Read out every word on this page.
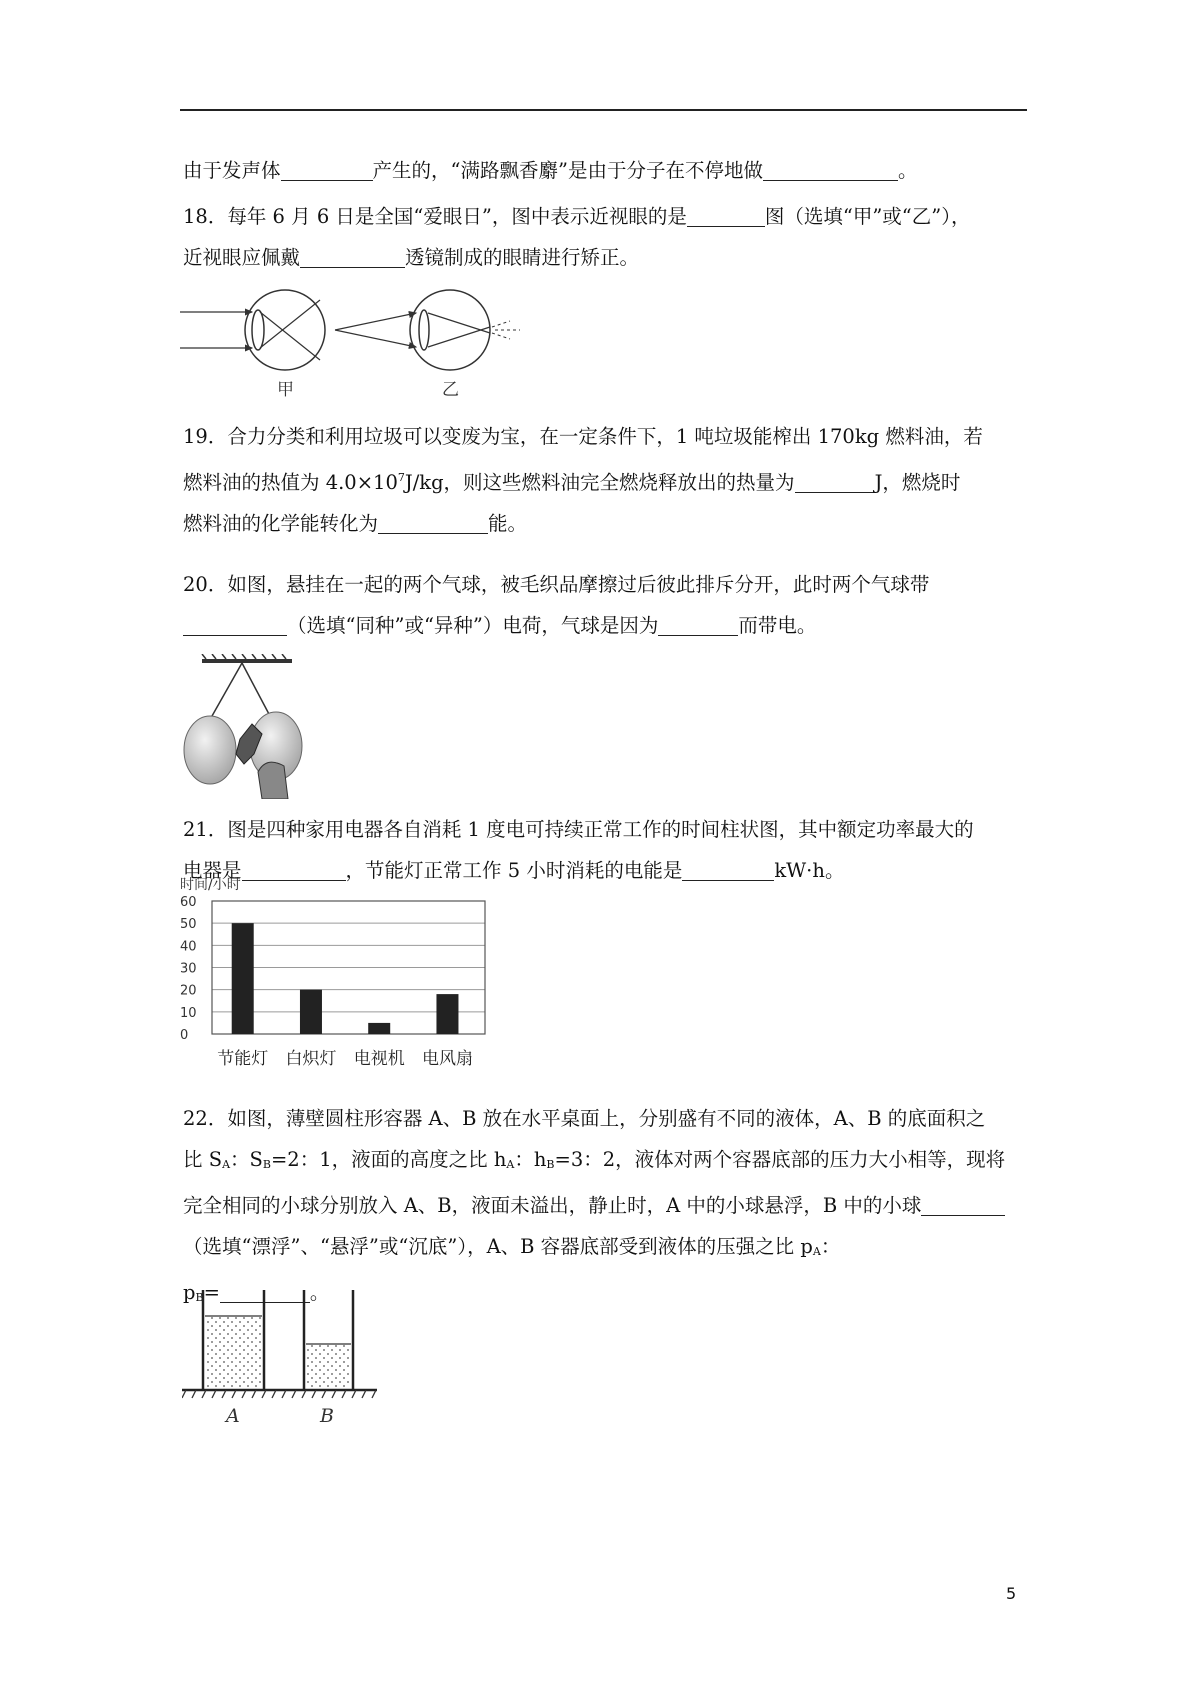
由于发声体	产生的，“满路飘香麝”是由于分子在不停地做	。

18．每年 6 月 6 日是全国“爱眼日”，图中表示近视眼的是	图（选填“甲”或“乙”），
近视眼应佩戴	透镜制成的眼睛进行矫正。

甲	乙

19．合力分类和利用垃圾可以变废为宝，在一定条件下，1 吨垃圾能榨出 170kg 燃料油，若
燃料油的热值为 $4.0\times 10^7J/kg$，则这些燃料油完全燃烧释放出的热量为	J，燃烧时
燃料油的化学能转化为	能。

20．如图，悬挂在一起的两个气球，被毛织品摩擦过后彼此排斥分开，此时两个气球带
（选填“同种”或“异种”）电荷，气球是因为	而带电。

21．图是四种家用电器各自消耗 1 度电可持续正常工作的时间柱状图，其中额定功率最大的
电器是	，节能灯正常工作 5 小时消耗的电能是	kW·h。

时间/小时
0
10
20
30
40
50
60
节能灯 白炽灯 电视机 电风扇

22．如图，薄壁圆柱形容器 A、B 放在水平桌面上，分别盛有不同的液体，A、B 的底面积之
比 $S_A$：$S_B=2$：1，液面的高度之比 $h_A$：$h_B=3$：2，液体对两个容器底部的压力大小相等，现将
完全相同的小球分别放入 A、B，液面未溢出，静止时，A 中的小球悬浮，B 中的小球
（选填“漂浮”、“悬浮”或“沉底”），A、B 容器底部受到液体的压强之比 $p_A$：
$p_B=$	。

A	B
5
